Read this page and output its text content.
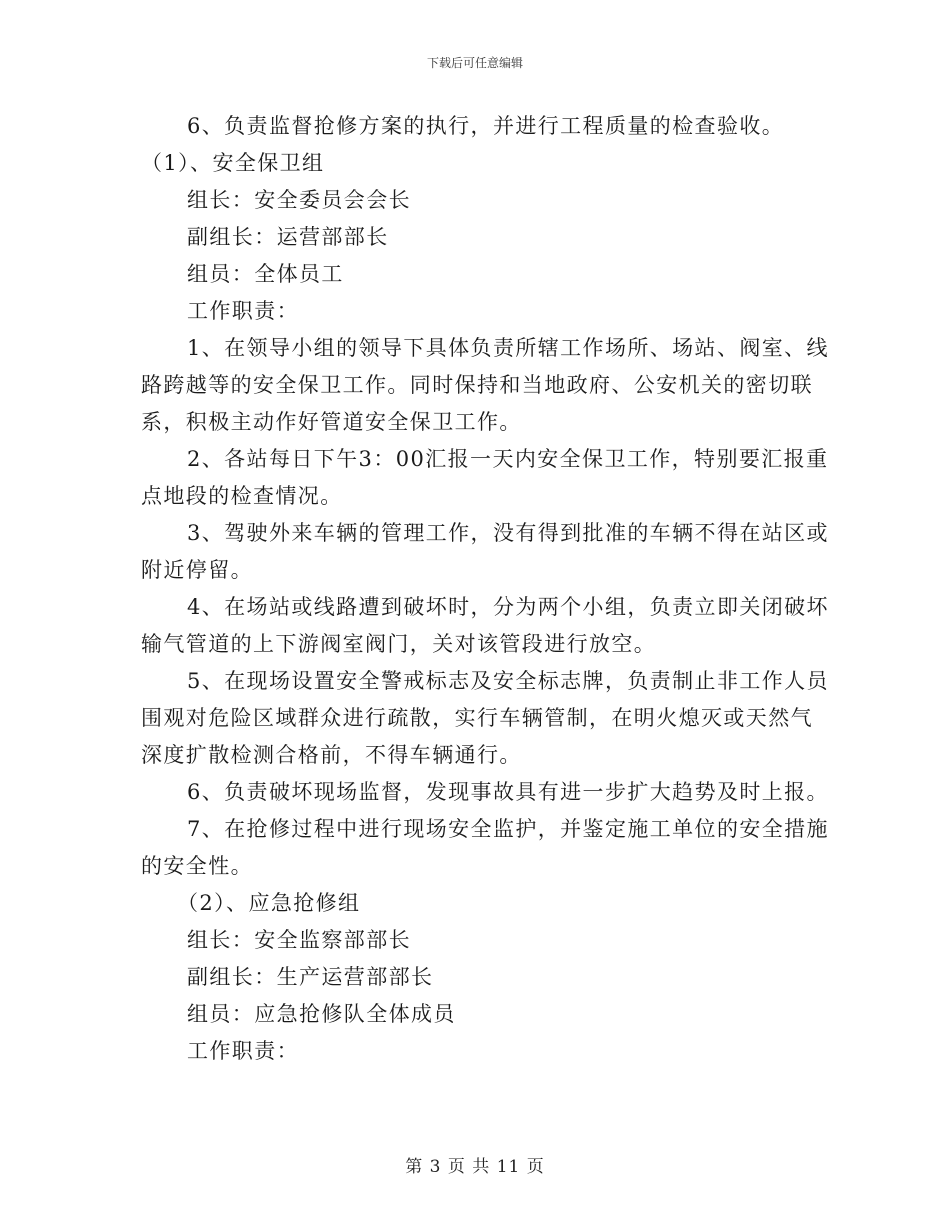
下载后可任意编辑
6、负责监督抢修方案的执行，并进行工程质量的检查验收。
（1）、安全保卫组
组长：安全委员会会长
副组长：运营部部长
组员：全体员工
工作职责：
1、在领导小组的领导下具体负责所辖工作场所、场站、阀室、线
路跨越等的安全保卫工作。同时保持和当地政府、公安机关的密切联
系，积极主动作好管道安全保卫工作。
2、各站每日下午3：00汇报一天内安全保卫工作，特别要汇报重
点地段的检查情况。
3、驾驶外来车辆的管理工作，没有得到批准的车辆不得在站区或
附近停留。
4、在场站或线路遭到破坏时，分为两个小组，负责立即关闭破坏
输气管道的上下游阀室阀门，关对该管段进行放空。
5、在现场设置安全警戒标志及安全标志牌，负责制止非工作人员
围观对危险区域群众进行疏散，实行车辆管制，在明火熄灭或天然气
深度扩散检测合格前，不得车辆通行。
6、负责破坏现场监督，发现事故具有进一步扩大趋势及时上报。
7、在抢修过程中进行现场安全监护，并鉴定施工单位的安全措施
的安全性。
（2）、应急抢修组
组长：安全监察部部长
副组长：生产运营部部长
组员：应急抢修队全体成员
工作职责：
第 3 页 共 11 页
